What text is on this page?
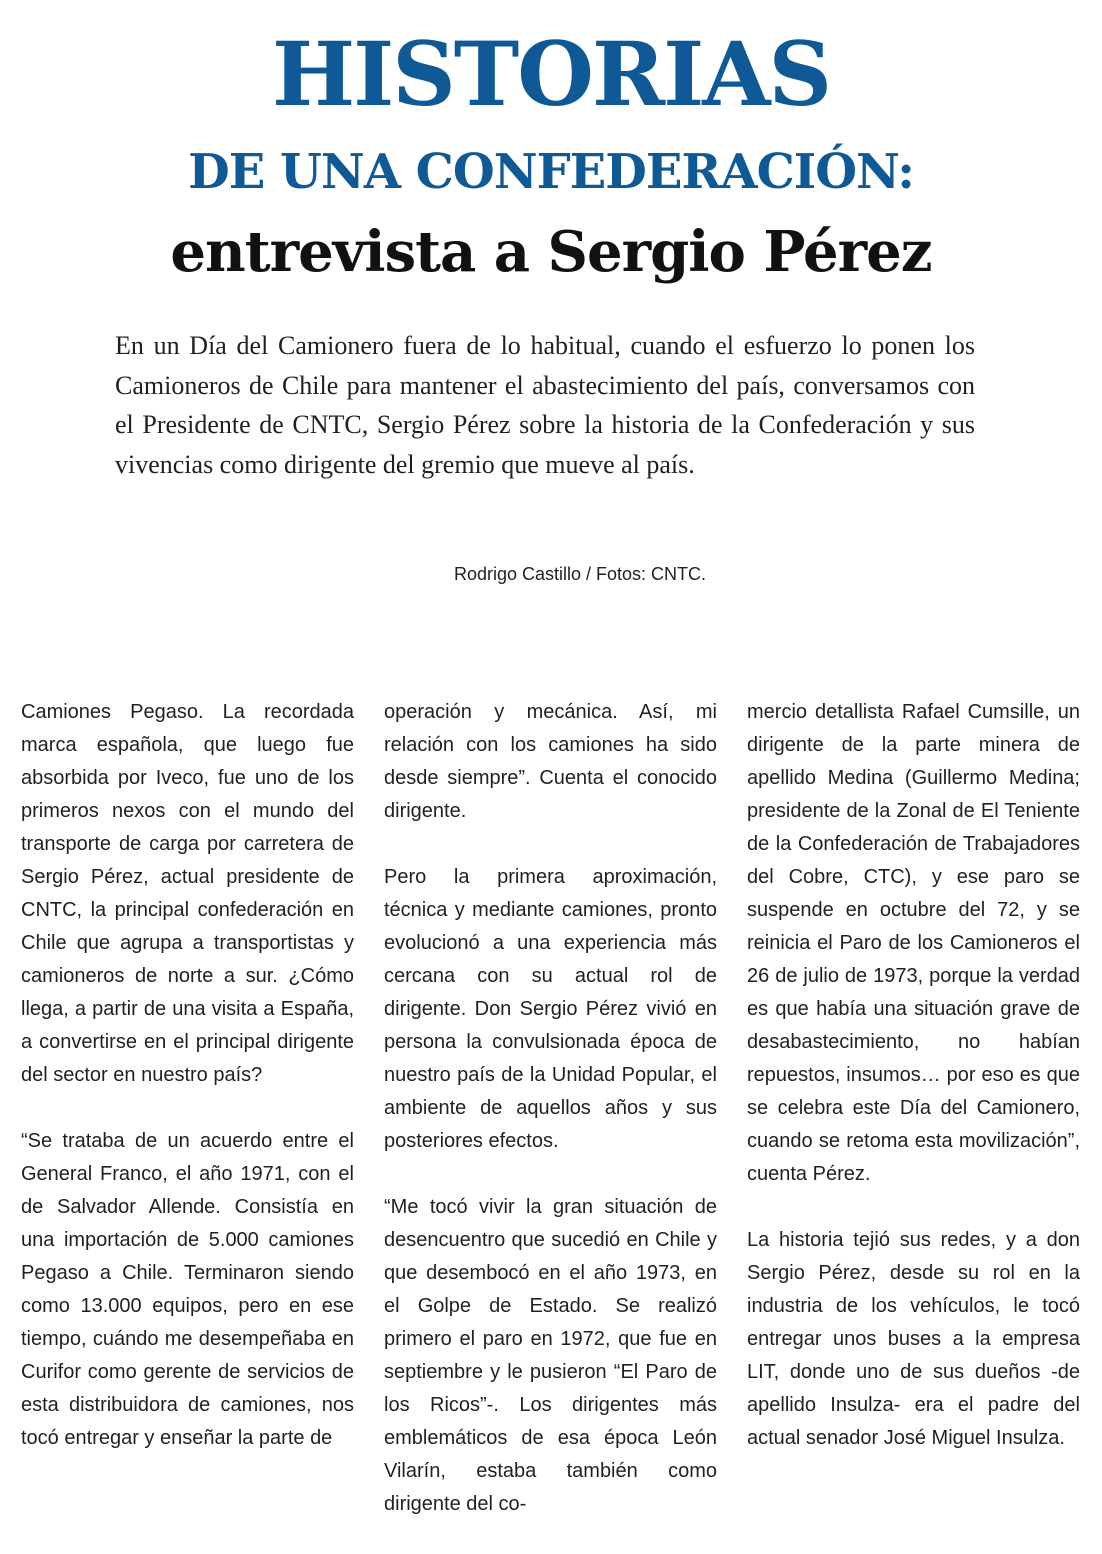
HISTORIAS
DE UNA CONFEDERACIÓN:
entrevista a Sergio Pérez

En un Día del Camionero fuera de lo habitual, cuando el esfuerzo lo ponen los Camioneros de Chile para mantener el abastecimiento del país, conversamos con el Presidente de CNTC, Sergio Pérez sobre la historia de la Confederación y sus vivencias como dirigente del gremio que mueve al país.

Rodrigo Castillo / Fotos: CNTC.

Camiones Pegaso. La recordada marca española, que luego fue absorbida por Iveco, fue uno de los primeros nexos con el mundo del transporte de carga por carretera de Sergio Pérez, actual presidente de CNTC, la principal confederación en Chile que agrupa a transportistas y camioneros de norte a sur. ¿Cómo llega, a partir de una visita a España, a convertirse en el principal dirigente del sector en nuestro país?

“Se trataba de un acuerdo entre el General Franco, el año 1971, con el de Salvador Allende. Consistía en una importación de 5.000 camiones Pegaso a Chile. Terminaron siendo como 13.000 equipos, pero en ese tiempo, cuándo me desempeñaba en Curifor como gerente de servicios de esta distribuidora de camiones, nos tocó entregar y enseñar la parte de

operación y mecánica. Así, mi relación con los camiones ha sido desde siempre”. Cuenta el conocido dirigente.

Pero la primera aproximación, técnica y mediante camiones, pronto evolucionó a una experiencia más cercana con su actual rol de dirigente. Don Sergio Pérez vivió en persona la convulsionada época de nuestro país de la Unidad Popular, el ambiente de aquellos años y sus posteriores efectos.

“Me tocó vivir la gran situación de desencuentro que sucedió en Chile y que desembocó en el año 1973, en el Golpe de Estado. Se realizó primero el paro en 1972, que fue en septiembre y le pusieron “El Paro de los Ricos”-. Los dirigentes más emblemáticos de esa época León Vilarín, estaba también como dirigente del co-

mercio detallista Rafael Cumsille, un dirigente de la parte minera de apellido Medina (Guillermo Medina; presidente de la Zonal de El Teniente de la Confederación de Trabajadores del Cobre, CTC), y ese paro se suspende en octubre del 72, y se reinicia el Paro de los Camioneros el 26 de julio de 1973, porque la verdad es que había una situación grave de desabastecimiento, no habían repuestos, insumos… por eso es que se celebra este Día del Camionero, cuando se retoma esta movilización”, cuenta Pérez.

La historia tejió sus redes, y a don Sergio Pérez, desde su rol en la industria de los vehículos, le tocó entregar unos buses a la empresa LIT, donde uno de sus dueños -de apellido Insulza- era el padre del actual senador José Miguel Insulza.
